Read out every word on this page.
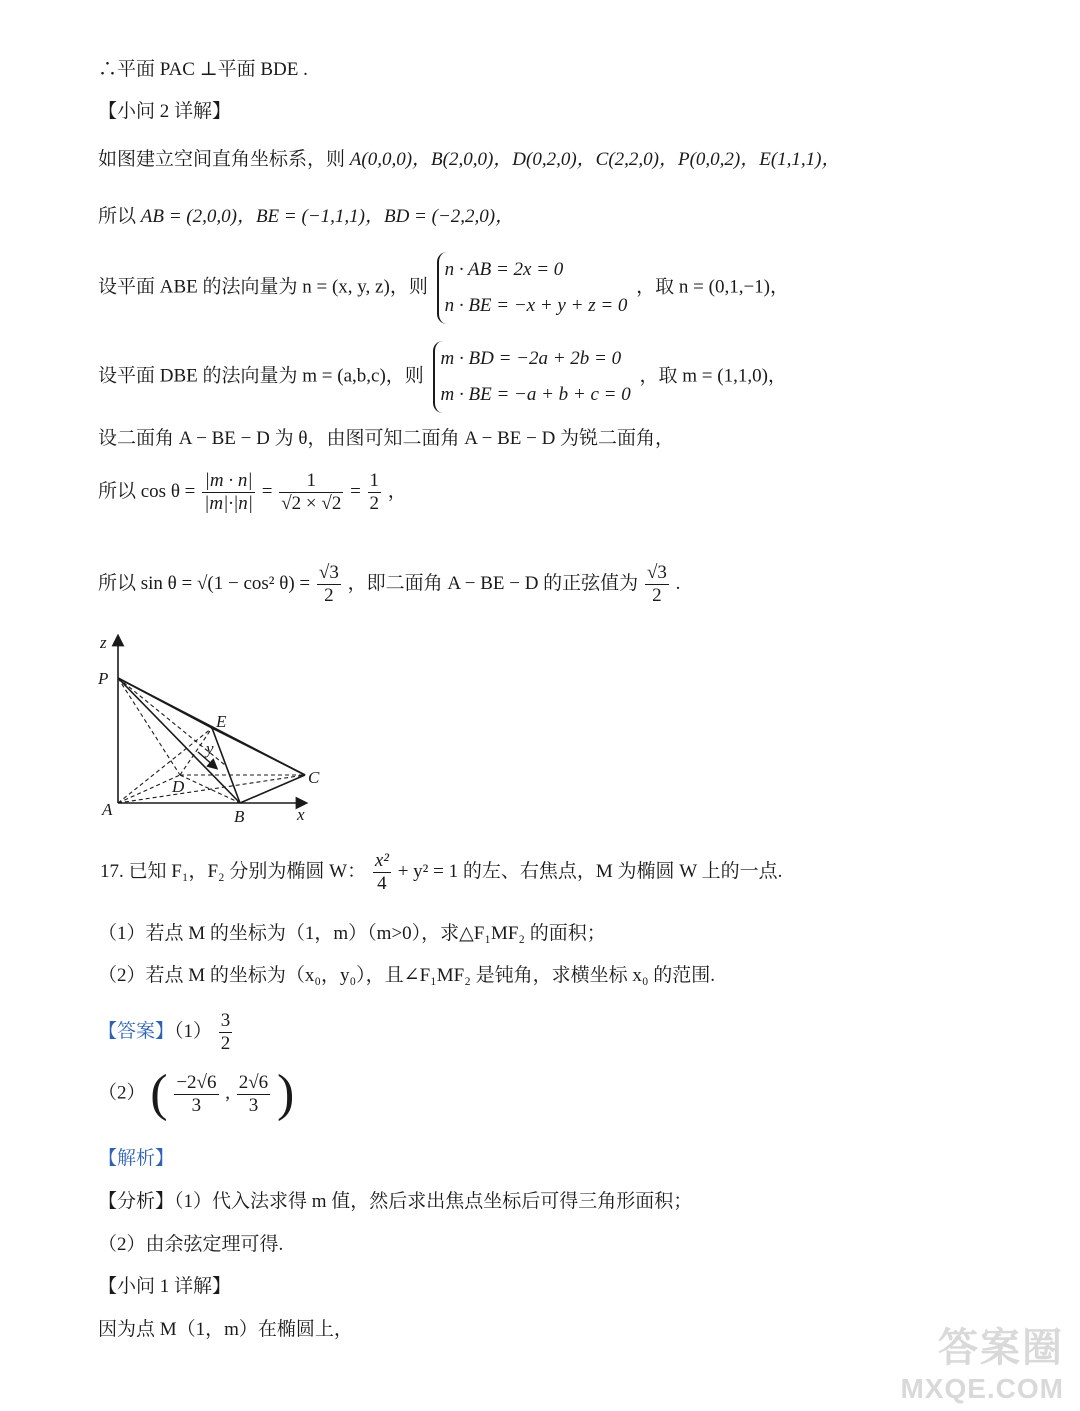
∴平面 PAC ⊥平面 BDE .
【小问 2 详解】
如图建立空间直角坐标系，则 A(0,0,0)，B(2,0,0)，D(0,2,0)，C(2,2,0)，P(0,0,2)，E(1,1,1)，
所以 AB = (2,0,0)，BE = (−1,1,1)，BD = (−2,2,0)，
设平面 ABE 的法向量为 n = (x, y, z)，则
n · AB = 2x = 0
n · BE = −x + y + z = 0
，取 n = (0,1,−1)，
设平面 DBE 的法向量为 m = (a,b,c)，则
m · BD = −2a + 2b = 0
m · BE = −a + b + c = 0
，取 m = (1,1,0)，
设二面角 A − BE − D 为 θ，由图可知二面角 A − BE − D 为锐二面角，
所以 $\cos \theta = \frac{|m \cdot n|}{|m|\cdot|n|} = \frac{1}{√2 \times √2} = \frac{1}{2}$ ，
所以 sin θ = √(1 − cos² $\theta) = \frac{√3}{2}$ ，即二面角 A − BE − D 的正弦值为 $\frac{√3}{2}$ .
z
P
E
y
D	C
A	B	x
17. 已知 F₁，F₂ 分别为椭圆 W： $\frac{\text{x²}}{4} + y^2 = 1$ 的左、右焦点，M 为椭圆 W 上的一点.
（1）若点 M 的坐标为（1，m）（m>0），求△F₁MF₂ 的面积；
（2）若点 M 的坐标为（x₀，y₀），且∠F₁MF₂ 是钝角，求横坐标 x₀ 的范围.
【答案】$(1) \frac{3}{2}$
（2） ( $\frac{-2√6}{3}$ , $\frac{2√6}{3}$ )
【解析】
【分析】（1）代入法求得 m 值，然后求出焦点坐标后可得三角形面积；
（2）由余弦定理可得.
【小问 1 详解】
因为点 M（1，m）在椭圆上，	答案圈
MXQE.COM
